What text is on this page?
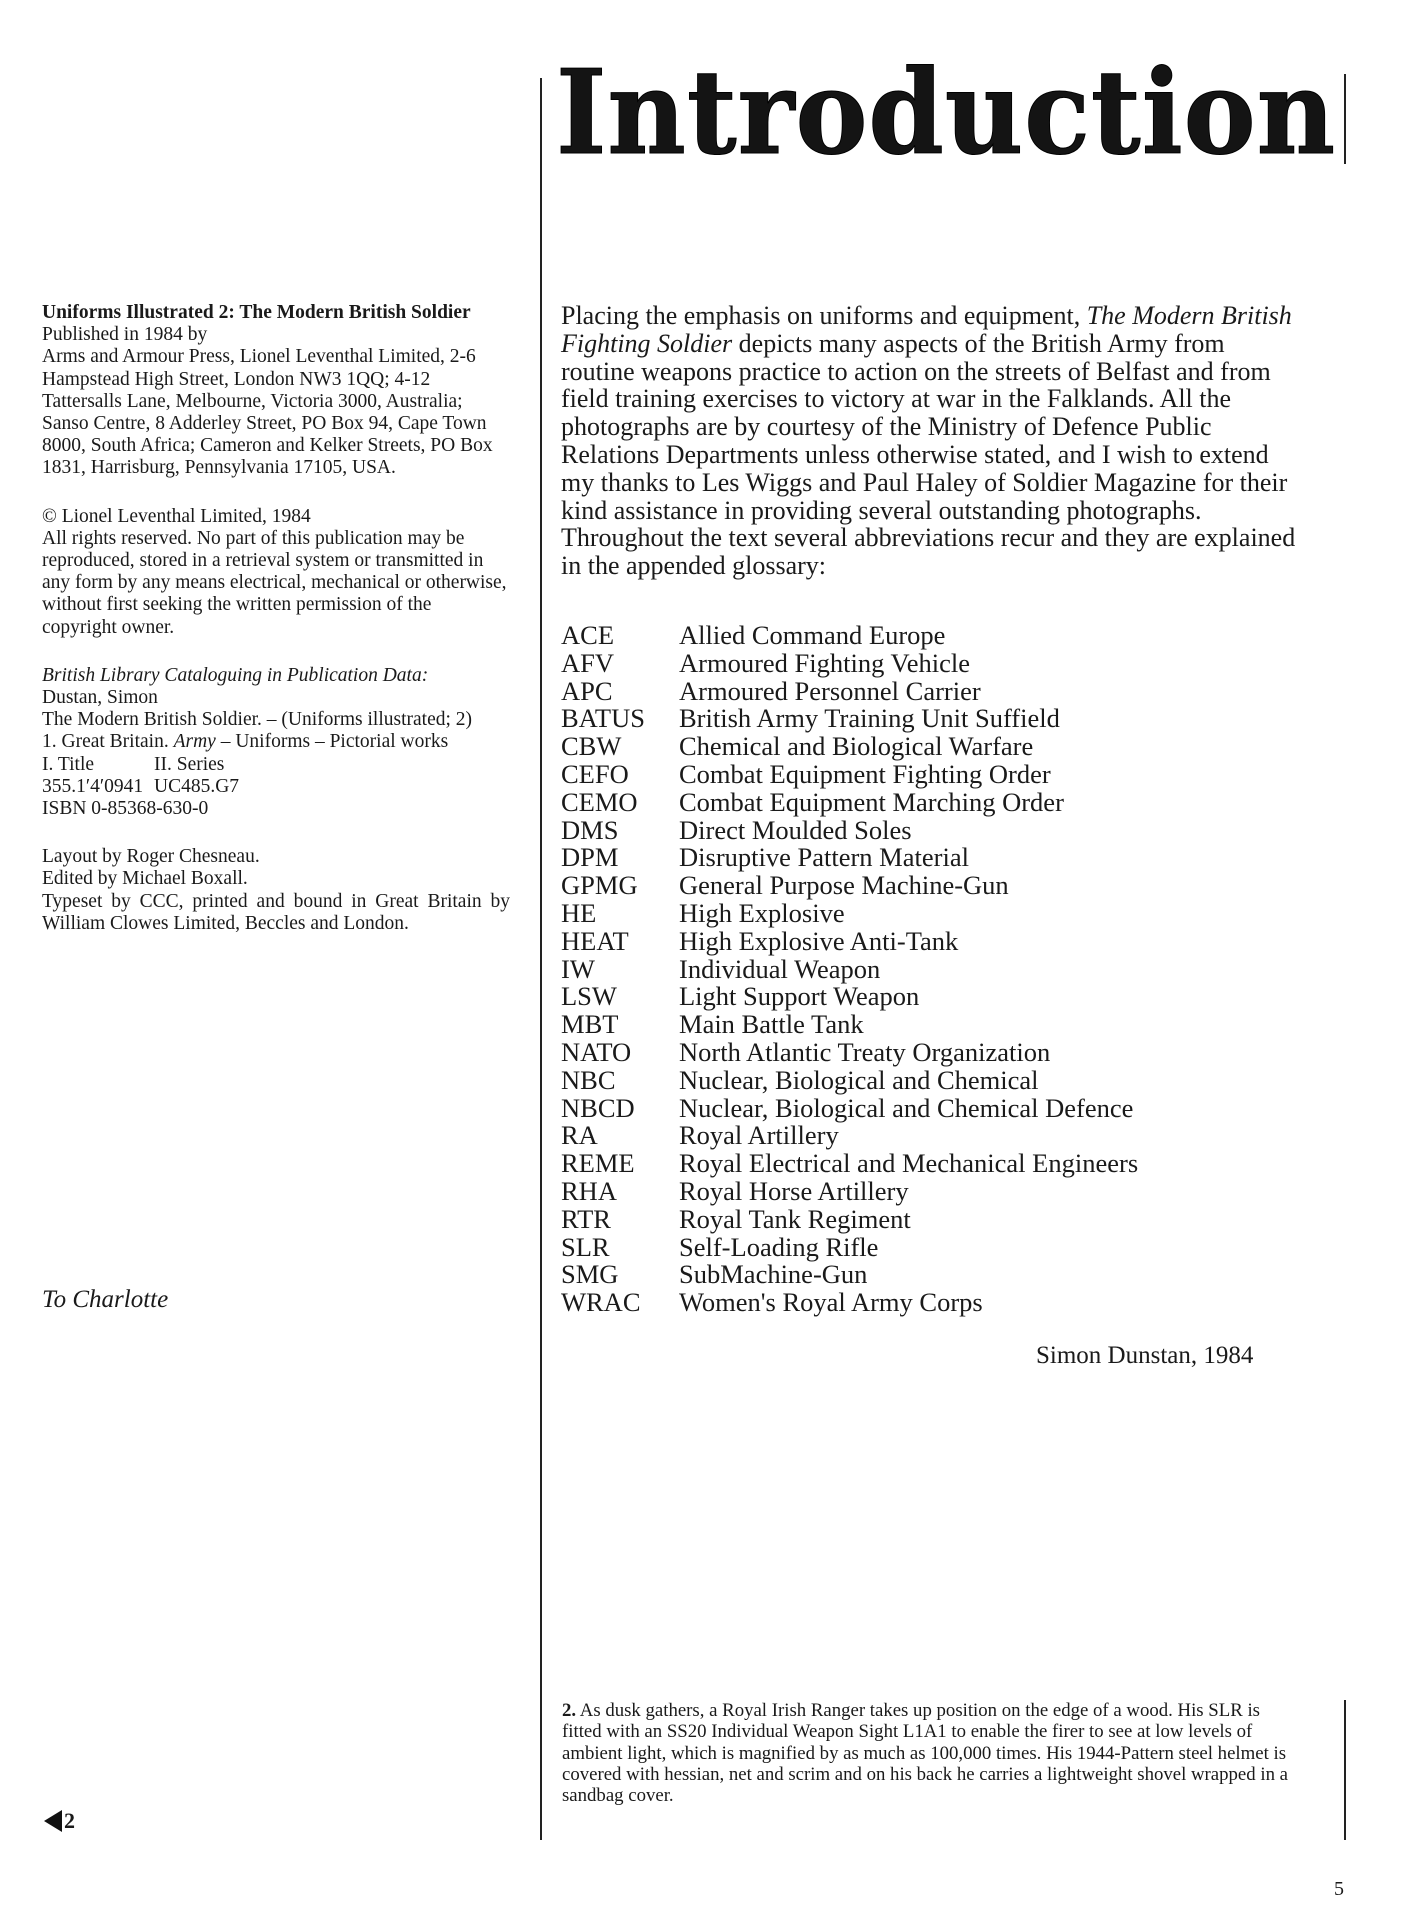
Introduction

Uniforms Illustrated 2: The Modern British Soldier

Published in 1984 by

Arms and Armour Press, Lionel Leventhal Limited, 2-6 Hampstead High Street, London NW3 1QQ; 4-12 Tattersalls Lane, Melbourne, Victoria 3000, Australia; Sanso Centre, 8 Adderley Street, PO Box 94, Cape Town 8000, South Africa; Cameron and Kelker Streets, PO Box 1831, Harrisburg, Pennsylvania 17105, USA.

© Lionel Leventhal Limited, 1984

All rights reserved. No part of this publication may be reproduced, stored in a retrieval system or transmitted in any form by any means electrical, mechanical or otherwise, without first seeking the written permission of the copyright owner.

British Library Cataloguing in Publication Data:

Dustan, Simon

The Modern British Soldier. – (Uniforms illustrated; 2)

1. Great Britain. Army – Uniforms – Pictorial works

I. Title	II. Series

355.1′4′0941 UC485.G7

ISBN 0-85368-630-0

Layout by Roger Chesneau.

Edited by Michael Boxall.

Typeset by CCC, printed and bound in Great Britain by William Clowes Limited, Beccles and London.

To Charlotte
2

Placing the emphasis on uniforms and equipment, The Modern British Fighting Soldier depicts many aspects of the British Army from routine weapons practice to action on the streets of Belfast and from field training exercises to victory at war in the Falklands. All the photographs are by courtesy of the Ministry of Defence Public Relations Departments unless otherwise stated, and I wish to extend my thanks to Les Wiggs and Paul Haley of Soldier Magazine for their kind assistance in providing several outstanding photographs. Throughout the text several abbreviations recur and they are explained in the appended glossary:

ACE	Allied Command Europe
AFV	Armoured Fighting Vehicle
APC	Armoured Personnel Carrier
BATUS	British Army Training Unit Suffield
CBW	Chemical and Biological Warfare
CEFO	Combat Equipment Fighting Order
CEMO	Combat Equipment Marching Order
DMS	Direct Moulded Soles
DPM	Disruptive Pattern Material
GPMG	General Purpose Machine-Gun
HE	High Explosive
HEAT	High Explosive Anti-Tank
IW	Individual Weapon
LSW	Light Support Weapon
MBT	Main Battle Tank
NATO	North Atlantic Treaty Organization
NBC	Nuclear, Biological and Chemical
NBCD	Nuclear, Biological and Chemical Defence
RA	Royal Artillery
REME	Royal Electrical and Mechanical Engineers
RHA	Royal Horse Artillery
RTR	Royal Tank Regiment
SLR	Self-Loading Rifle
SMG	SubMachine-Gun
WRAC	Women's Royal Army Corps
Simon Dunstan, 1984
2. As dusk gathers, a Royal Irish Ranger takes up position on the edge of a wood. His SLR is fitted with an SS20 Individual Weapon Sight L1A1 to enable the firer to see at low levels of ambient light, which is magnified by as much as 100,000 times. His 1944-Pattern steel helmet is covered with hessian, net and scrim and on his back he carries a lightweight shovel wrapped in a sandbag cover.
5
